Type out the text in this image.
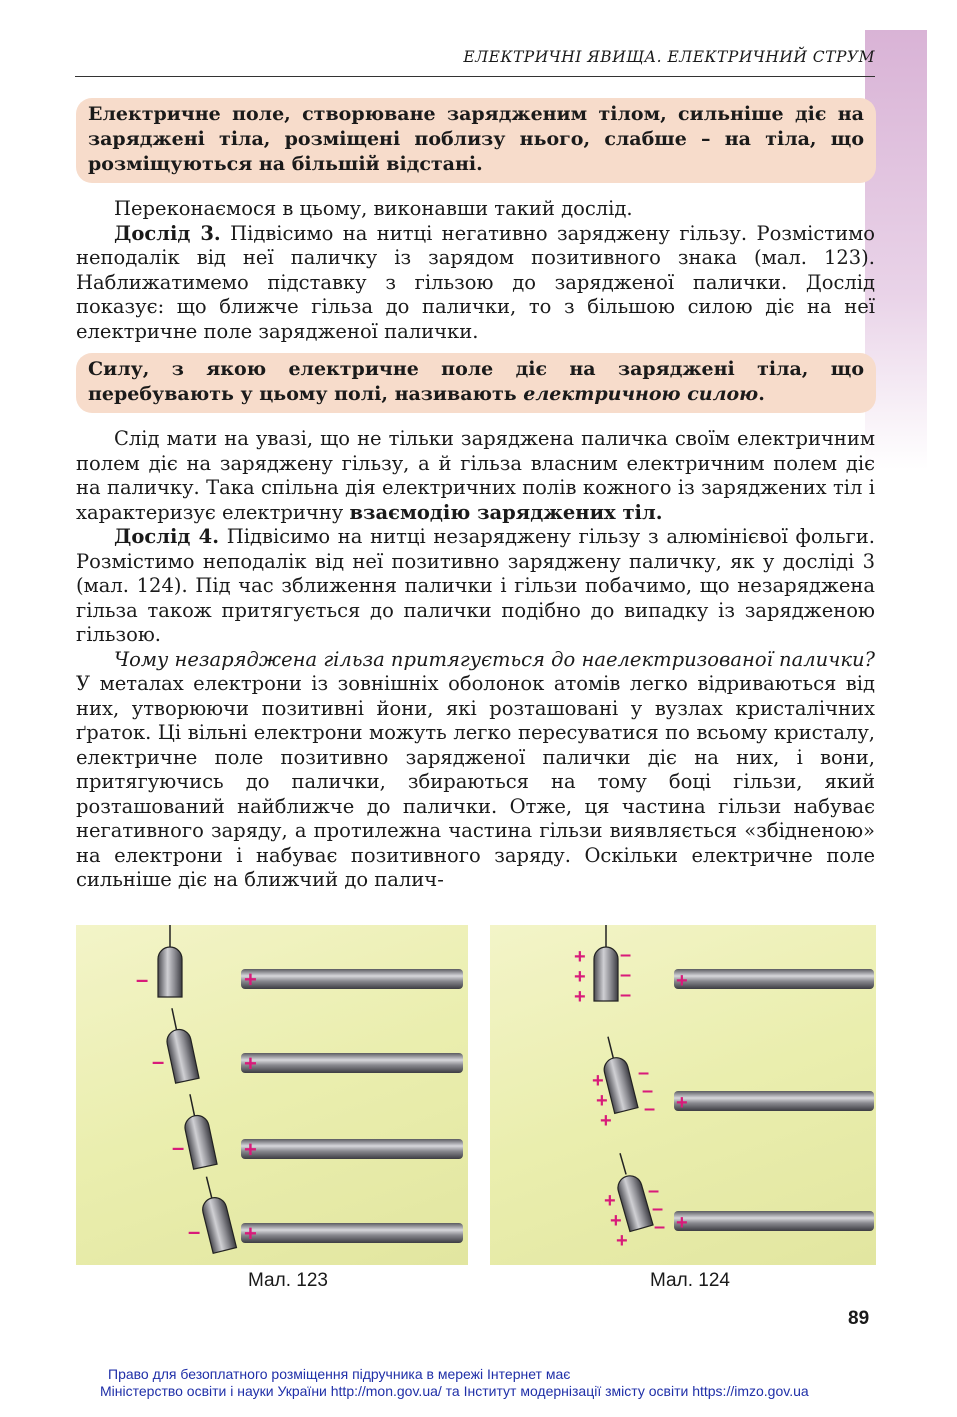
ЕЛЕКТРИЧНІ ЯВИЩА. ЕЛЕКТРИЧНИЙ СТРУМ
Електричне поле, створюване зарядженим тілом, сильніше діє на заряджені тіла, розміщені поблизу нього, слабше – на тіла, що розміщуються на більшій відстані.

Переконаємося в цьому, виконавши такий дослід.

Дослід 3. Підвісимо на нитці негативно заряджену гільзу. Розмістимо неподалік від неї паличку із зарядом позитивного знака (мал. 123). Наближатимемо підставку з гільзою до зарядженої палички. Дослід показує: що ближче гільза до палички, то з більшою силою діє на неї електричне поле зарядженої палички.

Силу, з якою електричне поле діє на заряджені тіла, що перебувають у цьому полі, називають електричною силою.

Слід мати на увазі, що не тільки заряджена паличка своїм електричним полем діє на заряджену гільзу, а й гільза власним електричним полем діє на паличку. Така спільна дія електричних полів кожного із заряджених тіл і характеризує електричну взаємодію заряджених тіл.

Дослід 4. Підвісимо на нитці незаряджену гільзу з алюмінієвої фольги. Розмістимо неподалік від неї позитивно заряджену паличку, як у досліді 3 (мал. 124). Під час зближення палички і гільзи побачимо, що незаряджена гільза також притягується до палички подібно до випадку із зарядженою гільзою.

Чому незаряджена гільза притягується до наелектризованої палички? У металах електрони із зовнішніх оболонок атомів легко відриваються від них, утворюючи позитивні йони, які розташовані у вузлах кристалічних ґраток. Ці вільні електрони можуть легко пересуватися по всьому кристалу, електричне поле позитивно зарядженої палички діє на них, і вони, притягуючись до палички, збираються на тому боці гільзи, який розташований найближче до палички. Отже, ця частина гільзи набуває негативного заряду, а протилежна частина гільзи виявляється «збідненою» на електрони і набуває позитивного заряду. Оскільки електричне поле сильніше діє на ближчий до палич-

–
–
–
–
+
+
+
+
+
+
+
–
–
–
+
+
+
–
–
–
+
+
+
–
–
–
+
+
+
Мал. 123	Мал. 124
89
Право для безоплатного розміщення підручника в мережі Інтернет має
Міністерство освіти і науки України http://mon.gov.ua/ та Інститут модернізації змісту освіти https://imzo.gov.ua
